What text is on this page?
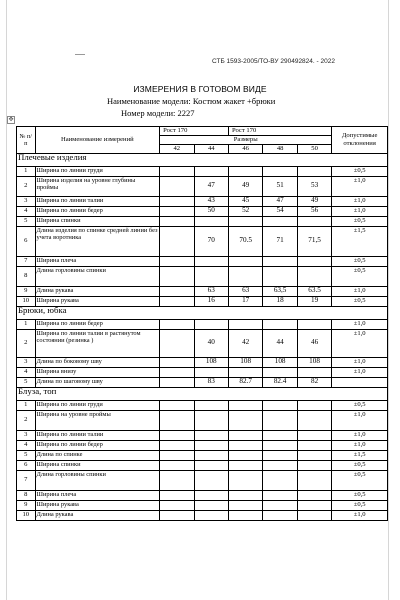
СТБ 1593-2005/ТО-ВУ 290492824. - 2022
ИЗМЕРЕНИЯ В ГОТОВОМ ВИДЕ
Наименование модели: Костюм жакет +брюки
Номер модели: 2227
✥
№ п/ п	Наименование измерений	Рост 170		Рост 170			Допустимые отклонения
		Размеры					
		42	44	46	48	50	
Плечевые изделия							
1	Ширина по линии груди						±0,5
2	Ширина изделия на уровне глубины проймы		47	49	51	53	±1,0
3	Ширина по линии талии		43	45	47	49	±1,0
4	Ширина по линии бедер		50	52	54	56	±1,0
5	Ширина спинки						±0,5
6	Длина изделия по спинке средней линии без учета воротника		70	70.5	71	71,5	±1,5
7	Ширина плеча						±0,5
8	Длина горловины спинки						±0,5
9	Длина рукава		63	63	63,5	63.5	±1,0
10	Ширина рукава		16	17	18	19	±0,5
Брюки, юбка							
1	Ширина по линии бедер						±1,0
2	Ширина по линии талии в растянутом состоянии (резинка )		40	42	44	46	±1,0
3	Длина по боковому шву		108	108	108	108	±1,0
4	Ширина внизу						±1,0
5	Длина по шаговому шву		83	82.7	82.4	82	
Блуза, топ							
1	Ширина по линии груди						±0,5
2	Ширина на уровне проймы						±1,0
3	Ширина по линии талии						±1,0
4	Ширина по линии бедер						±1,0
5	Длина по спинке						±1,5
6	Ширина спинки						±0,5
7	Длина горловины спинки						±0,5
8	Ширина плеча						±0,5
9	Ширина рукава						±0,5
10	Длина рукава						±1,0
